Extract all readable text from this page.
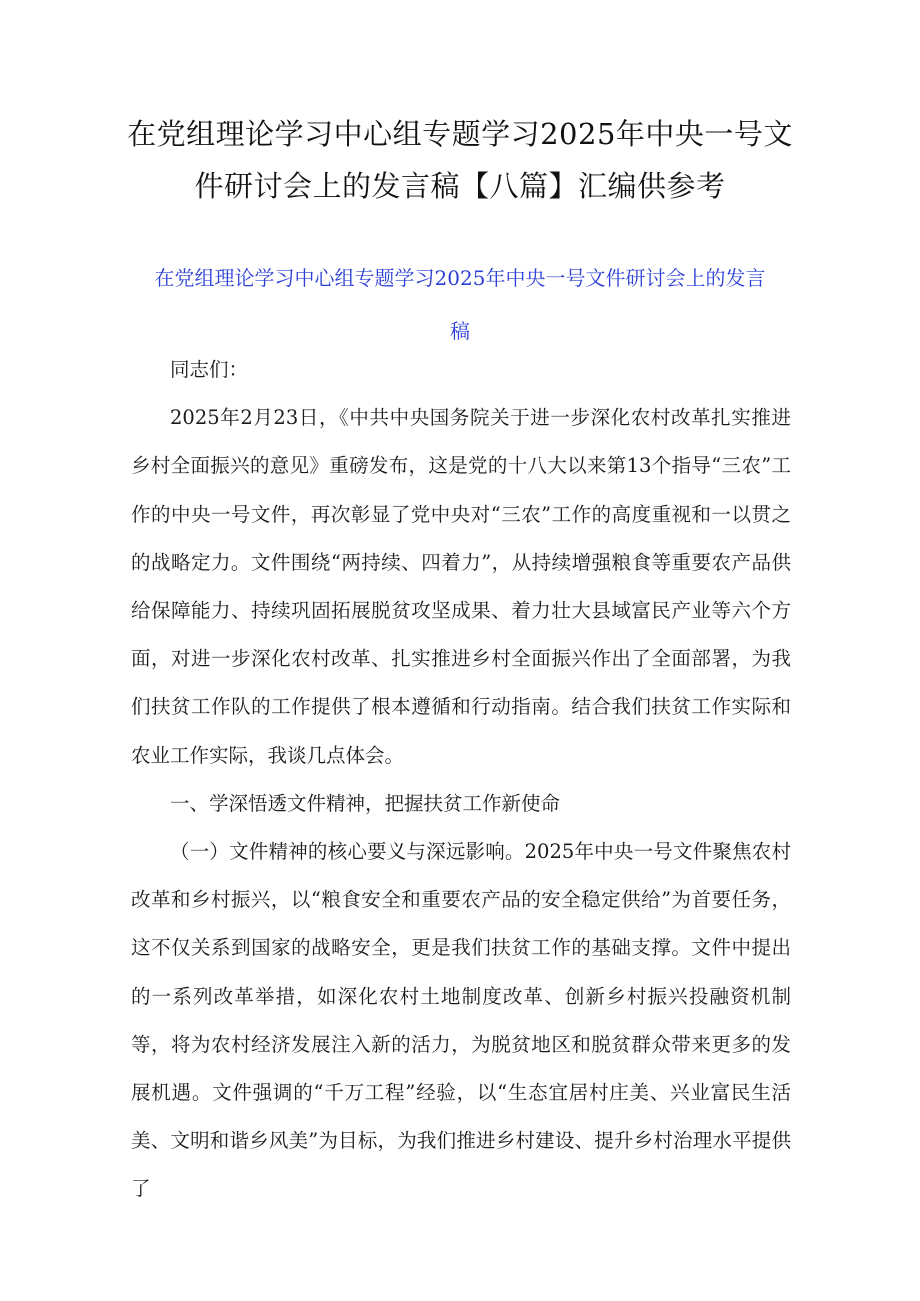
在党组理论学习中心组专题学习2025年中央一号文件研讨会上的发言稿【八篇】汇编供参考
在党组理论学习中心组专题学习2025年中央一号文件研讨会上的发言稿

同志们：

2025年2月23日，《中共中央国务院关于进一步深化农村改革扎实推进乡村全面振兴的意见》重磅发布，这是党的十八大以来第13个指导“三农”工作的中央一号文件，再次彰显了党中央对“三农”工作的高度重视和一以贯之的战略定力。文件围绕“两持续、四着力”，从持续增强粮食等重要农产品供给保障能力、持续巩固拓展脱贫攻坚成果、着力壮大县域富民产业等六个方面，对进一步深化农村改革、扎实推进乡村全面振兴作出了全面部署，为我们扶贫工作队的工作提供了根本遵循和行动指南。结合我们扶贫工作实际和农业工作实际，我谈几点体会。

一、学深悟透文件精神，把握扶贫工作新使命

（一）文件精神的核心要义与深远影响。2025年中央一号文件聚焦农村改革和乡村振兴，以“粮食安全和重要农产品的安全稳定供给”为首要任务，这不仅关系到国家的战略安全，更是我们扶贫工作的基础支撑。文件中提出的一系列改革举措，如深化农村土地制度改革、创新乡村振兴投融资机制等，将为农村经济发展注入新的活力，为脱贫地区和脱贫群众带来更多的发展机遇。文件强调的“千万工程”经验，以“生态宜居村庄美、兴业富民生活美、文明和谐乡风美”为目标，为我们推进乡村建设、提升乡村治理水平提供了
